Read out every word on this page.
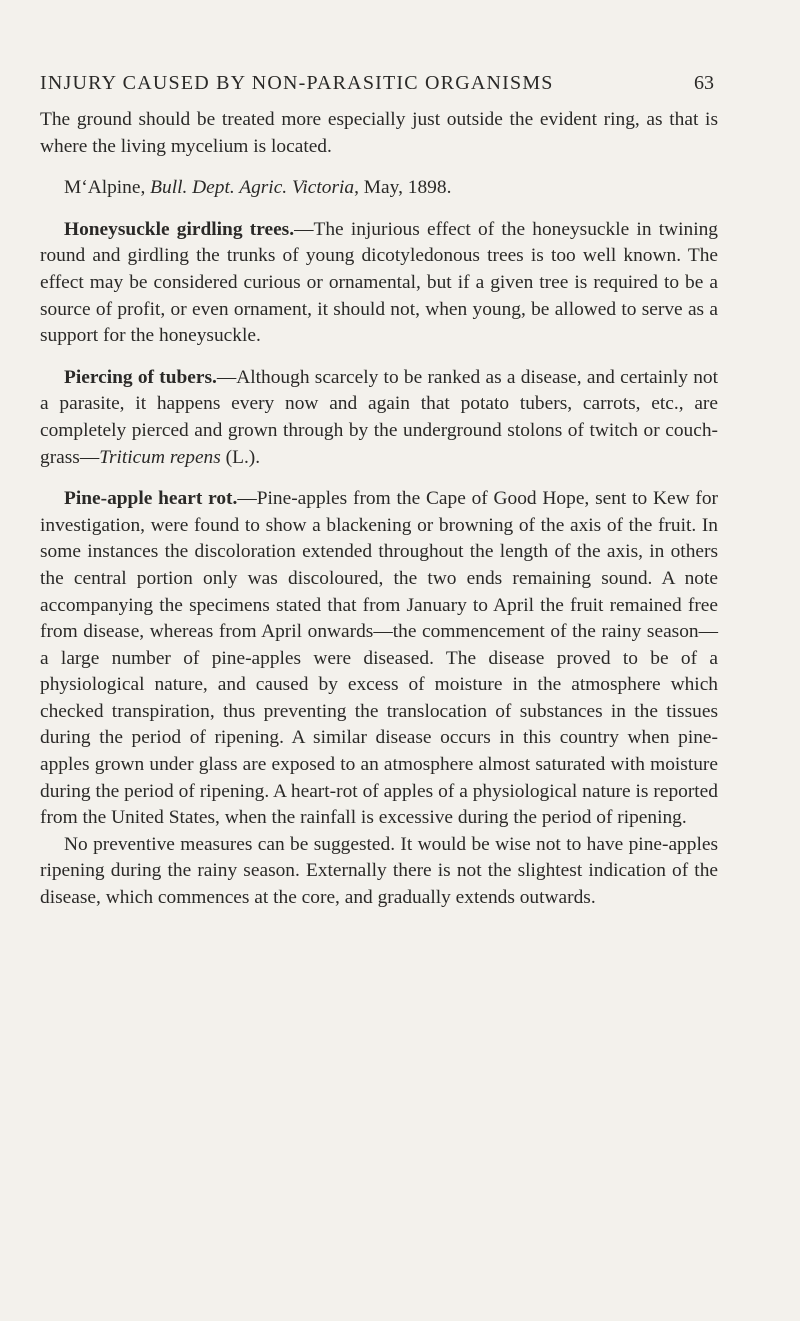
INJURY CAUSED BY NON-PARASITIC ORGANISMS	63

The ground should be treated more especially just outside the evident ring, as that is where the living mycelium is located.

M‘Alpine, Bull. Dept. Agric. Victoria, May, 1898.

Honeysuckle girdling trees.—The injurious effect of the honeysuckle in twining round and girdling the trunks of young dicotyledonous trees is too well known. The effect may be considered curious or ornamental, but if a given tree is required to be a source of profit, or even ornament, it should not, when young, be allowed to serve as a support for the honeysuckle.

Piercing of tubers.—Although scarcely to be ranked as a disease, and certainly not a parasite, it happens every now and again that potato tubers, carrots, etc., are completely pierced and grown through by the underground stolons of twitch or couch-grass—Triticum repens (L.).

Pine-apple heart rot.—Pine-apples from the Cape of Good Hope, sent to Kew for investigation, were found to show a blackening or browning of the axis of the fruit. In some instances the discoloration extended throughout the length of the axis, in others the central portion only was discoloured, the two ends remaining sound. A note accompanying the specimens stated that from January to April the fruit remained free from disease, whereas from April onwards—the commencement of the rainy season—a large number of pine-apples were diseased. The disease proved to be of a physiological nature, and caused by excess of moisture in the atmosphere which checked transpiration, thus preventing the translocation of substances in the tissues during the period of ripening. A similar disease occurs in this country when pine-apples grown under glass are exposed to an atmosphere almost saturated with moisture during the period of ripening. A heart-rot of apples of a physiological nature is reported from the United States, when the rainfall is excessive during the period of ripening.

No preventive measures can be suggested. It would be wise not to have pine-apples ripening during the rainy season. Externally there is not the slightest indication of the disease, which commences at the core, and gradually extends outwards.
